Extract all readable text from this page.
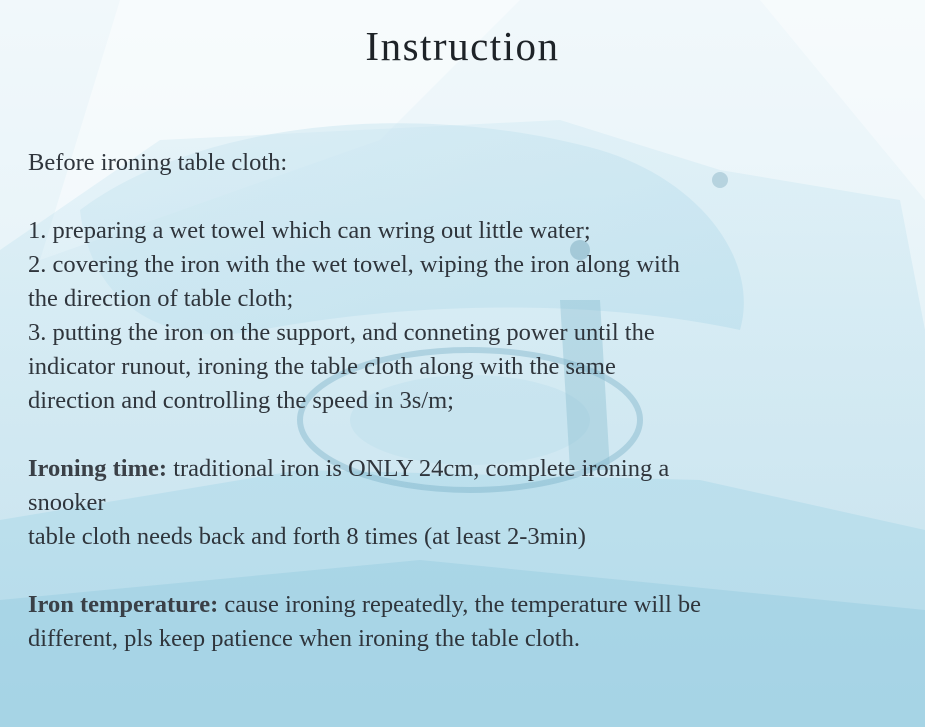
Instruction
Before ironing table cloth:
1. preparing a wet towel which can wring out little water;
2. covering the iron with the wet towel, wiping the iron along with
the direction of table cloth;
3. putting the iron on the support, and conneting power until the
indicator runout, ironing the table cloth along with the same
direction and controlling the speed in 3s/m;
Ironing time: traditional iron is ONLY 24cm, complete ironing a
snooker
table cloth needs back and forth 8 times (at least 2-3min)
Iron temperature: cause ironing repeatedly, the temperature will be
different, pls keep patience when ironing the table cloth.
